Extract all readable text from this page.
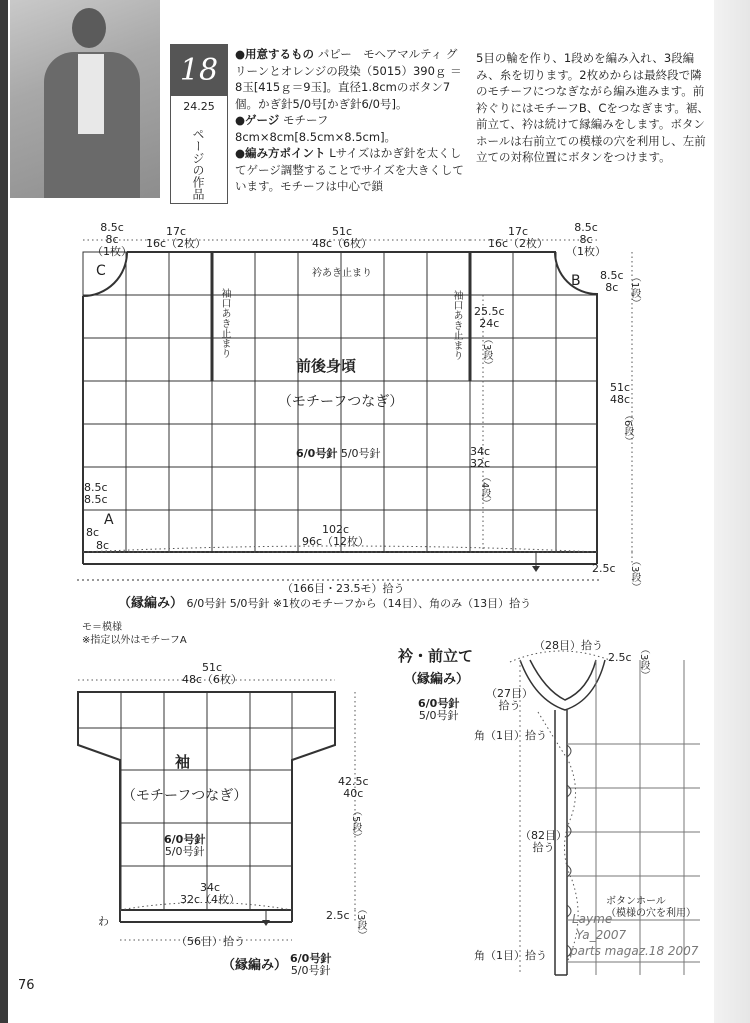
18
24.25
ページの作品

●用意するもの パピー　モヘアマルティ グリーンとオレンジの段染（5015）390ｇ ＝8玉[415ｇ＝9玉]。直径1.8cmのボタン7個。かぎ針5/0号[かぎ針6/0号]。

●ゲージ モチーフ8cm×8cm[8.5cm×8.5cm]。

●編み方ポイント Lサイズはかぎ針を太くしてゲージ調整することでサイズを大きくしています。モチーフは中心で鎖

5目の輪を作り、1段めを編み入れ、3段編み、糸を切ります。2枚めからは最終段で隣のモチーフにつなぎながら編み進みます。前衿ぐりにはモチーフB、Cをつなぎます。裾、前立て、衿は続けて縁編みをします。ボタンホールは右前立ての模様の穴を利用し、左前立ての対称位置にボタンをつけます。

8.5c
8c
（1枚）
17c
16c（2枚）
51c
48c（6枚）
17c
16c（2枚）
8.5c
8c
（1枚）
C
B
衿あき止まり
袖口あき止まり	袖口あき止まり
8.5c
8c	（1段）
51c
48c
（6段）
25.5c
24c
（3段）
34c
32c
（4段）
前後身頃
（モチーフつなぎ）
6/0号針 5/0号針
8.5c
8.5c
A
8c
8c
102c
96c（12枚）
2.5c （3段）
（166目・23.5モ）拾う
（縁編み） 6/0号針 5/0号針 ※1枚のモチーフから（14目）、角のみ（13目）拾う
モ＝模様
※指定以外はモチーフA
51c
48c（6枚）
袖
（モチーフつなぎ）
6/0号針
5/0号針
42.5c
40c
（5段）
34c
32c（4枚）
わ	2.5c （3段）
（56目）拾う
（縁編み） 6/0号針
5/0号針
衿・前立て
（縁編み）
6/0号針
5/0号針
（28目）拾う
2.5c （3段）
（27目）
拾う
角（1目）拾う
（82目）
拾う
角（1目）拾う
ボタンホール
（模様の穴を利用）
Layme
Ya_2007
parts magaz.18 2007
76
